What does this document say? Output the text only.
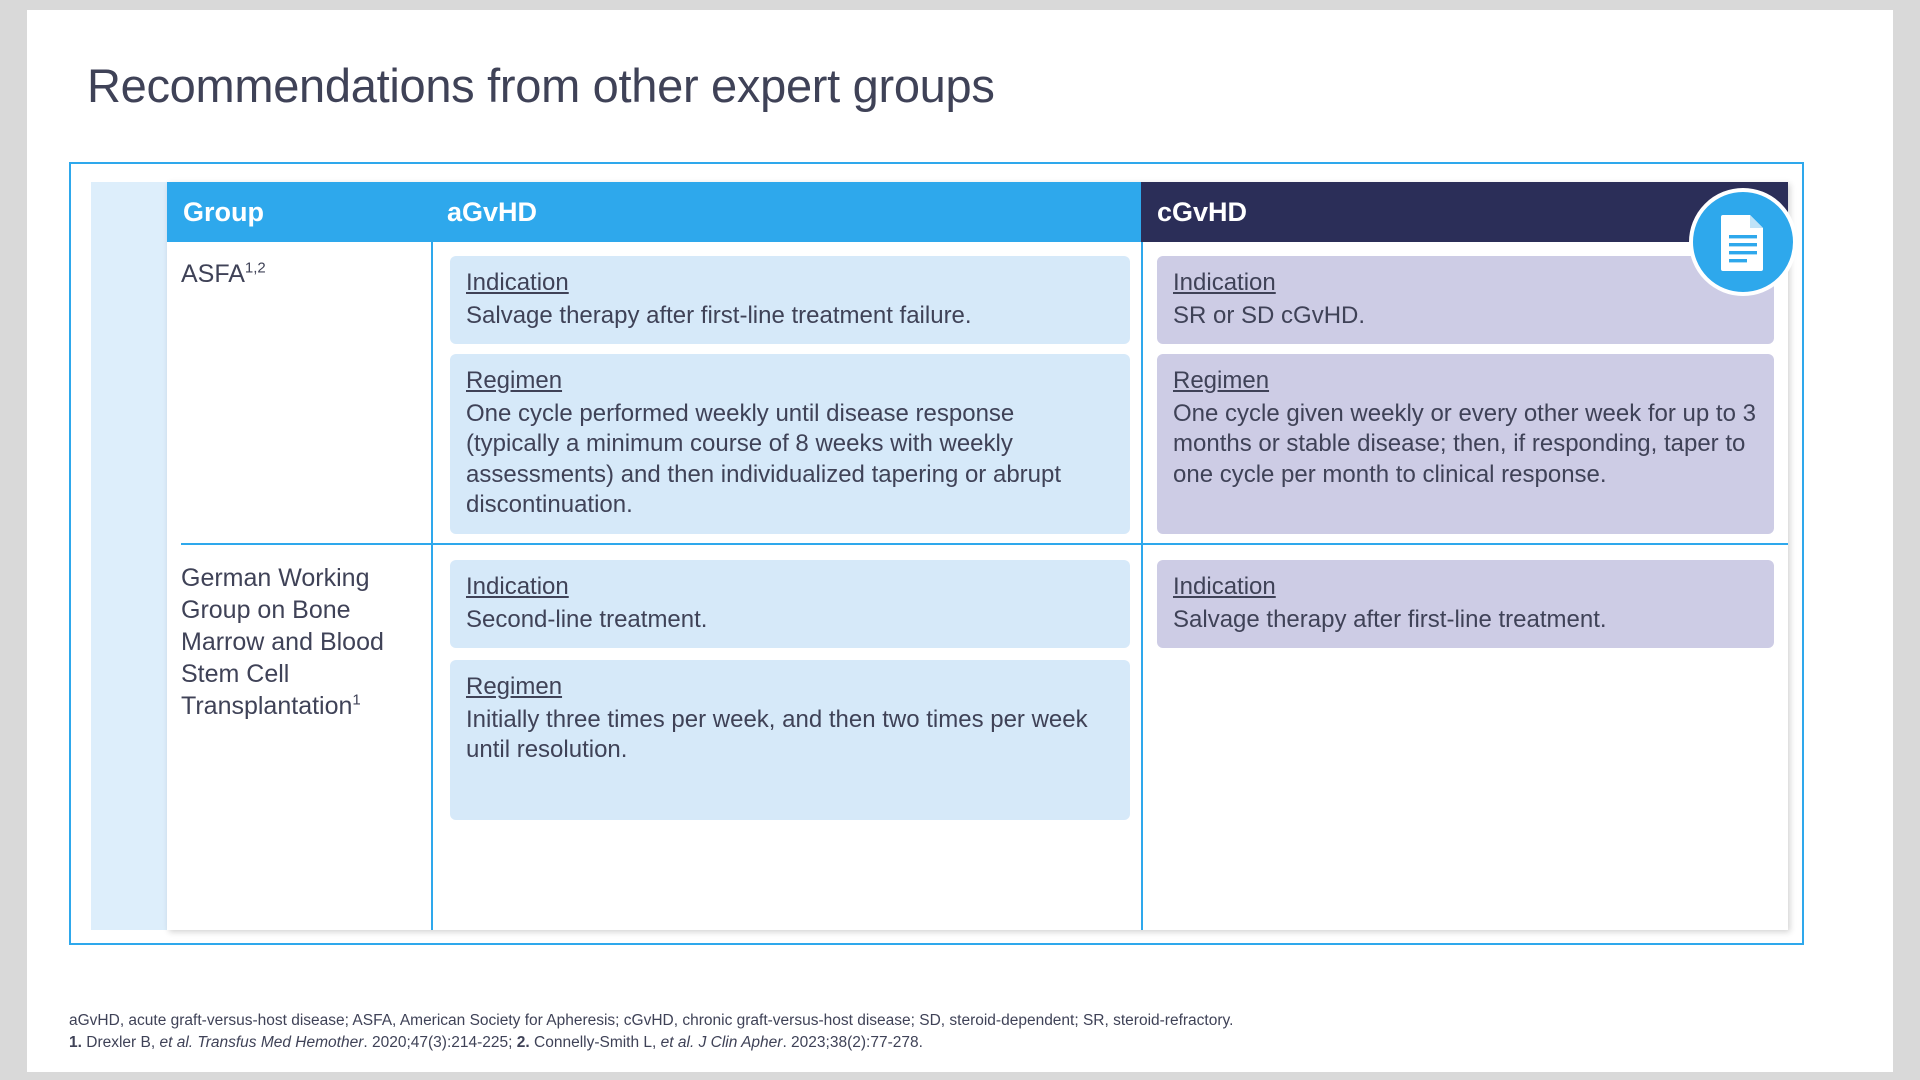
Recommendations from other expert groups
Group	aGvHD	cGvHD
ASFA$^{1,2}$
Indication
Salvage therapy after first-line treatment failure.
Regimen
One cycle performed weekly until disease response (typically a minimum course of 8 weeks with weekly assessments) and then individualized tapering or abrupt discontinuation.
Indication
SR or SD cGvHD.
Regimen
One cycle given weekly or every other week for up to 3 months or stable disease; then, if responding, taper to one cycle per month to clinical response.
German Working Group on Bone Marrow and Blood Stem Cell Transplantation$^1$
Indication
Second-line treatment.
Regimen
Initially three times per week, and then two times per week until resolution.
Indication
Salvage therapy after first-line treatment.
aGvHD, acute graft-versus-host disease; ASFA, American Society for Apheresis; cGvHD, chronic graft-versus-host disease; SD, steroid-dependent; SR, steroid-refractory.
1. Drexler B, et al. Transfus Med Hemother. 2020;47(3):214-225; 2. Connelly-Smith L, et al. J Clin Apher. 2023;38(2):77-278.
